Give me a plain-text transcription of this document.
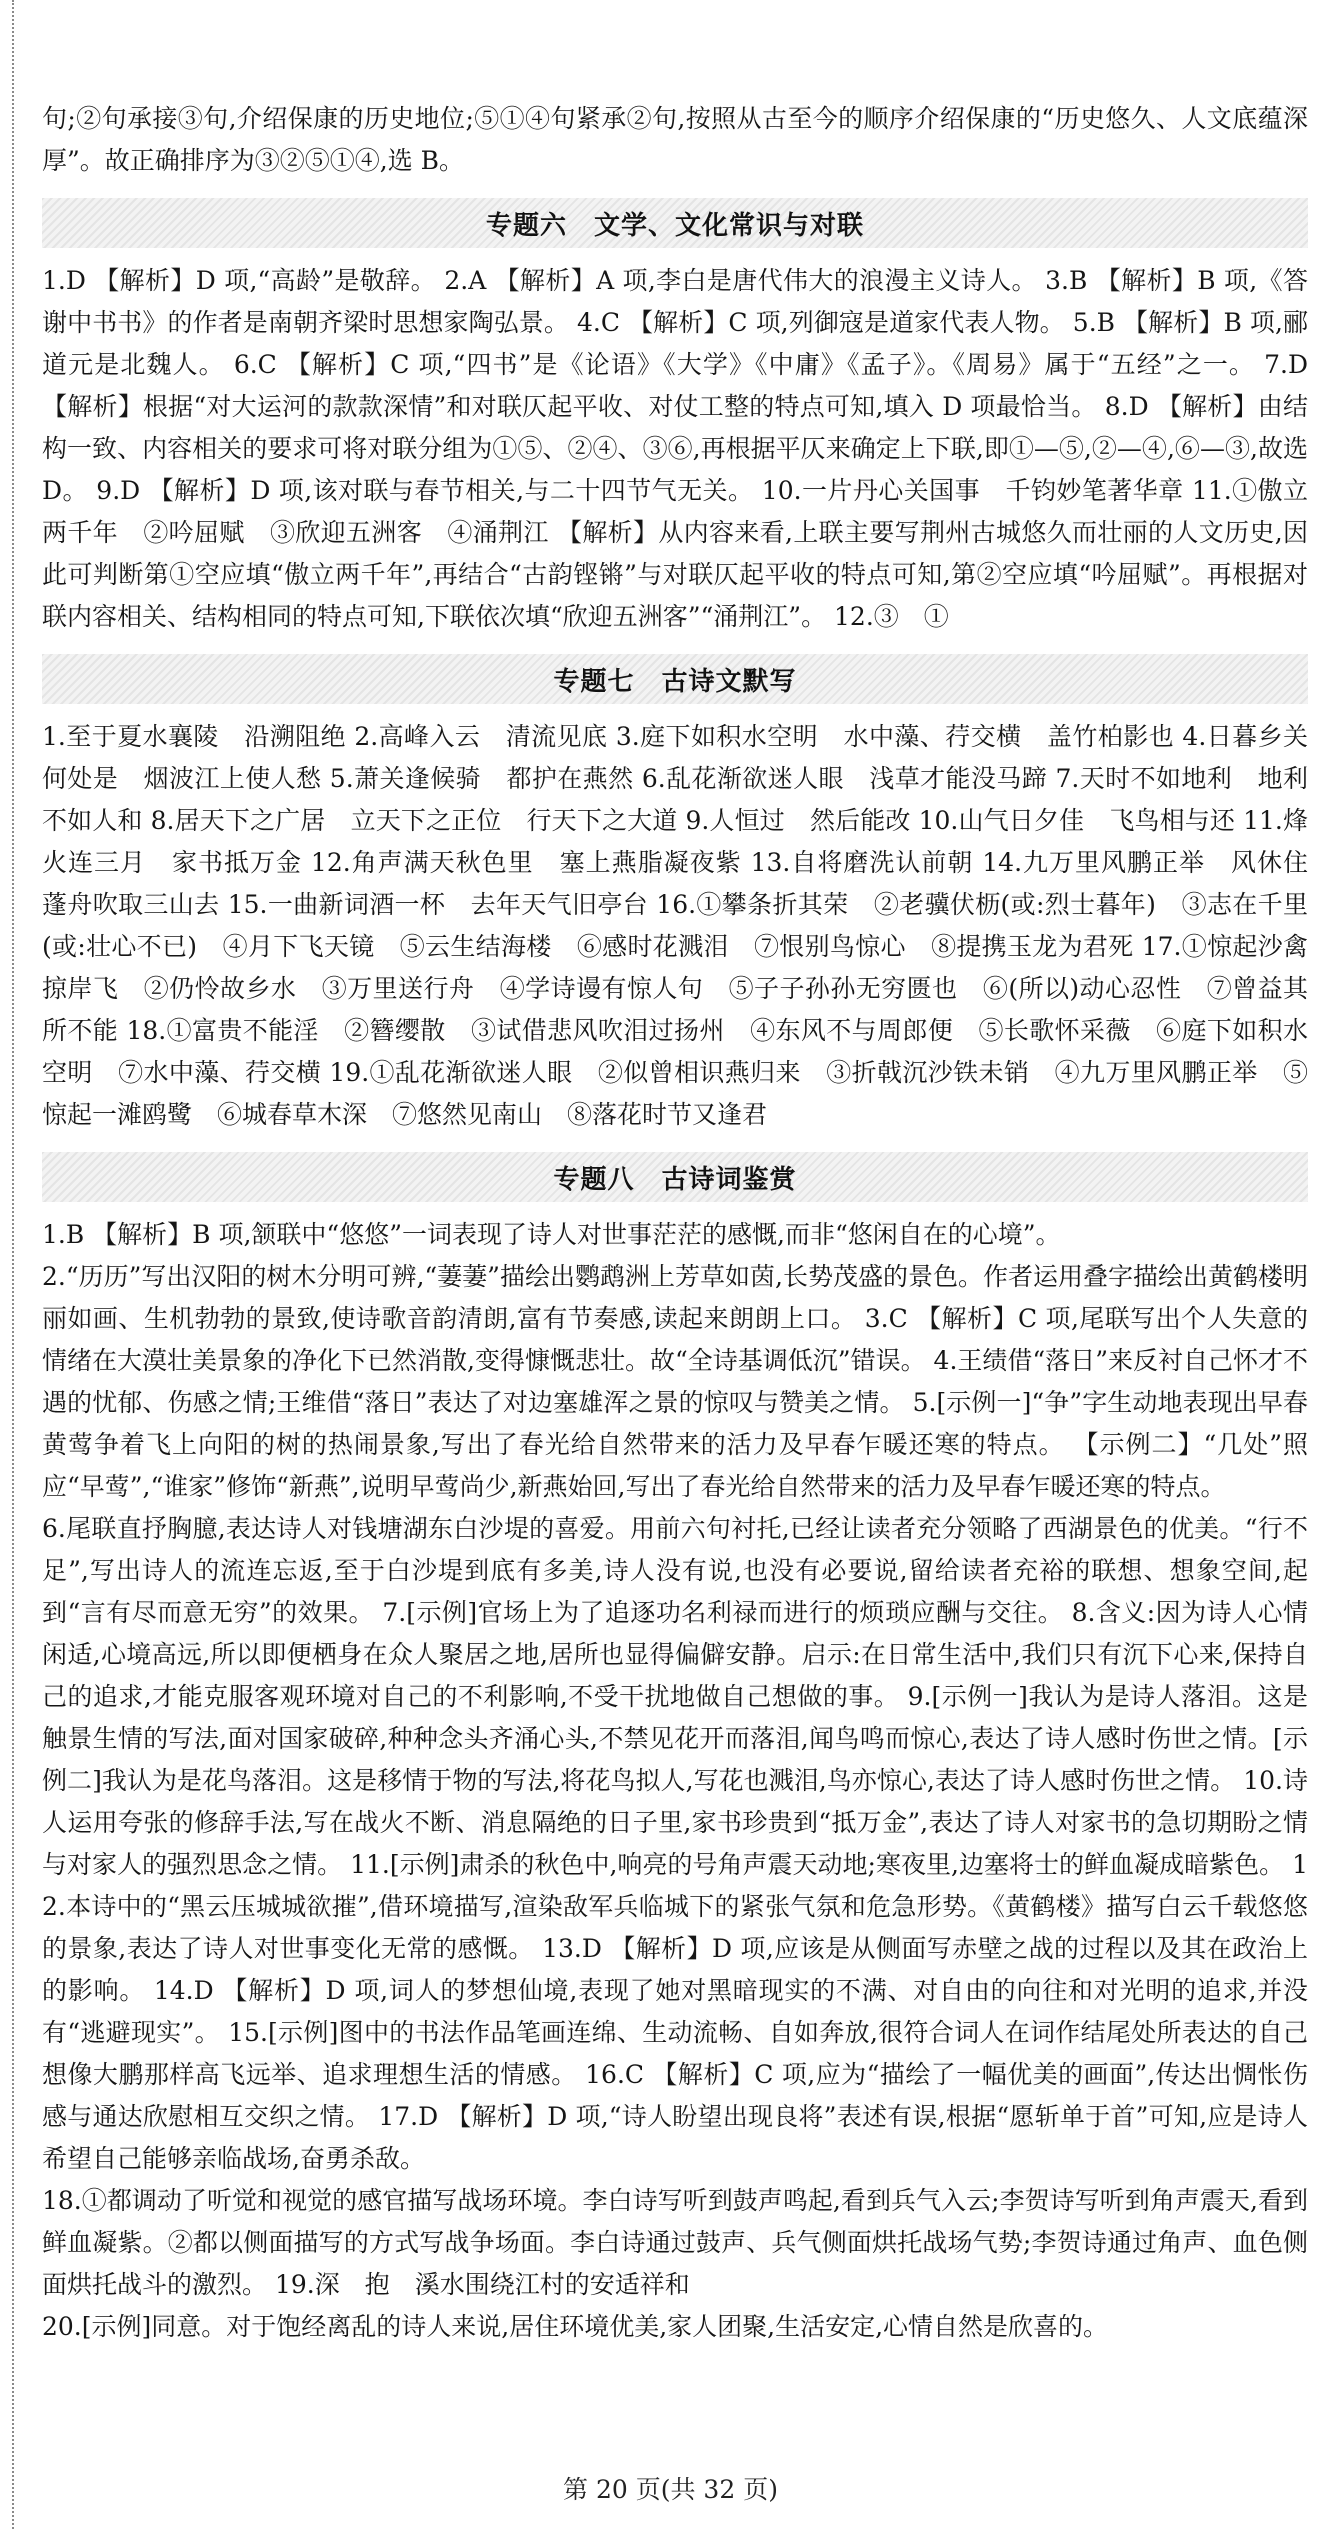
句;②句承接③句,介绍保康的历史地位;⑤①④句紧承②句,按照从古至今的顺序介绍保康的“历史悠久、人文底蕴深厚”。故正确排序为③②⑤①④,选 B。

专题六　文学、文化常识与对联

1.D 【解析】D 项,“高龄”是敬辞。 2.A 【解析】A 项,李白是唐代伟大的浪漫主义诗人。 3.B 【解析】B 项,《答谢中书书》的作者是南朝齐梁时思想家陶弘景。 4.C 【解析】C 项,列御寇是道家代表人物。 5.B 【解析】B 项,郦道元是北魏人。 6.C 【解析】C 项,“四书”是《论语》《大学》《中庸》《孟子》。《周易》属于“五经”之一。 7.D 【解析】根据“对大运河的款款深情”和对联仄起平收、对仗工整的特点可知,填入 D 项最恰当。 8.D 【解析】由结构一致、内容相关的要求可将对联分组为①⑤、②④、③⑥,再根据平仄来确定上下联,即①—⑤,②—④,⑥—③,故选 D。 9.D 【解析】D 项,该对联与春节相关,与二十四节气无关。 10.一片丹心关国事　千钧妙笔著华章 11.①傲立两千年　②吟屈赋　③欣迎五洲客　④涌荆江 【解析】从内容来看,上联主要写荆州古城悠久而壮丽的人文历史,因此可判断第①空应填“傲立两千年”,再结合“古韵铿锵”与对联仄起平收的特点可知,第②空应填“吟屈赋”。再根据对联内容相关、结构相同的特点可知,下联依次填“欣迎五洲客”“涌荆江”。 12.③　①

专题七　古诗文默写

1.至于夏水襄陵　沿溯阻绝 2.高峰入云　清流见底 3.庭下如积水空明　水中藻、荇交横　盖竹柏影也 4.日暮乡关何处是　烟波江上使人愁 5.萧关逢候骑　都护在燕然 6.乱花渐欲迷人眼　浅草才能没马蹄 7.天时不如地利　地利不如人和 8.居天下之广居　立天下之正位　行天下之大道 9.人恒过　然后能改 10.山气日夕佳　飞鸟相与还 11.烽火连三月　家书抵万金 12.角声满天秋色里　塞上燕脂凝夜紫 13.自将磨洗认前朝 14.九万里风鹏正举　风休住　蓬舟吹取三山去 15.一曲新词酒一杯　去年天气旧亭台 16.①攀条折其荣　②老骥伏枥(或:烈士暮年)　③志在千里(或:壮心不已)　④月下飞天镜　⑤云生结海楼　⑥感时花溅泪　⑦恨别鸟惊心　⑧提携玉龙为君死 17.①惊起沙禽掠岸飞　②仍怜故乡水　③万里送行舟　④学诗谩有惊人句　⑤子子孙孙无穷匮也　⑥(所以)动心忍性　⑦曾益其所不能 18.①富贵不能淫　②簪缨散　③试借悲风吹泪过扬州　④东风不与周郎便　⑤长歌怀采薇　⑥庭下如积水空明　⑦水中藻、荇交横 19.①乱花渐欲迷人眼　②似曾相识燕归来　③折戟沉沙铁未销　④九万里风鹏正举　⑤惊起一滩鸥鹭　⑥城春草木深　⑦悠然见南山　⑧落花时节又逢君

专题八　古诗词鉴赏

1.B 【解析】B 项,颔联中“悠悠”一词表现了诗人对世事茫茫的感慨,而非“悠闲自在的心境”。

2.“历历”写出汉阳的树木分明可辨,“萋萋”描绘出鹦鹉洲上芳草如茵,长势茂盛的景色。作者运用叠字描绘出黄鹤楼明丽如画、生机勃勃的景致,使诗歌音韵清朗,富有节奏感,读起来朗朗上口。 3.C 【解析】C 项,尾联写出个人失意的情绪在大漠壮美景象的净化下已然消散,变得慷慨悲壮。故“全诗基调低沉”错误。 4.王绩借“落日”来反衬自己怀才不遇的忧郁、伤感之情;王维借“落日”表达了对边塞雄浑之景的惊叹与赞美之情。 5.[示例一]“争”字生动地表现出早春黄莺争着飞上向阳的树的热闹景象,写出了春光给自然带来的活力及早春乍暖还寒的特点。 【示例二】“几处”照应“早莺”,“谁家”修饰“新燕”,说明早莺尚少,新燕始回,写出了春光给自然带来的活力及早春乍暖还寒的特点。

6.尾联直抒胸臆,表达诗人对钱塘湖东白沙堤的喜爱。用前六句衬托,已经让读者充分领略了西湖景色的优美。“行不足”,写出诗人的流连忘返,至于白沙堤到底有多美,诗人没有说,也没有必要说,留给读者充裕的联想、想象空间,起到“言有尽而意无穷”的效果。 7.[示例]官场上为了追逐功名利禄而进行的烦琐应酬与交往。 8.含义:因为诗人心情闲适,心境高远,所以即便栖身在众人聚居之地,居所也显得偏僻安静。启示:在日常生活中,我们只有沉下心来,保持自己的追求,才能克服客观环境对自己的不利影响,不受干扰地做自己想做的事。 9.[示例一]我认为是诗人落泪。这是触景生情的写法,面对国家破碎,种种念头齐涌心头,不禁见花开而落泪,闻鸟鸣而惊心,表达了诗人感时伤世之情。[示例二]我认为是花鸟落泪。这是移情于物的写法,将花鸟拟人,写花也溅泪,鸟亦惊心,表达了诗人感时伤世之情。 10.诗人运用夸张的修辞手法,写在战火不断、消息隔绝的日子里,家书珍贵到“抵万金”,表达了诗人对家书的急切期盼之情与对家人的强烈思念之情。 11.[示例]肃杀的秋色中,响亮的号角声震天动地;寒夜里,边塞将士的鲜血凝成暗紫色。 12.本诗中的“黑云压城城欲摧”,借环境描写,渲染敌军兵临城下的紧张气氛和危急形势。《黄鹤楼》描写白云千载悠悠的景象,表达了诗人对世事变化无常的感慨。 13.D 【解析】D 项,应该是从侧面写赤壁之战的过程以及其在政治上的影响。 14.D 【解析】D 项,词人的梦想仙境,表现了她对黑暗现实的不满、对自由的向往和对光明的追求,并没有“逃避现实”。 15.[示例]图中的书法作品笔画连绵、生动流畅、自如奔放,很符合词人在词作结尾处所表达的自己想像大鹏那样高飞远举、追求理想生活的情感。 16.C 【解析】C 项,应为“描绘了一幅优美的画面”,传达出惆怅伤感与通达欣慰相互交织之情。 17.D 【解析】D 项,“诗人盼望出现良将”表述有误,根据“愿斩单于首”可知,应是诗人希望自己能够亲临战场,奋勇杀敌。

18.①都调动了听觉和视觉的感官描写战场环境。李白诗写听到鼓声鸣起,看到兵气入云;李贺诗写听到角声震天,看到鲜血凝紫。②都以侧面描写的方式写战争场面。李白诗通过鼓声、兵气侧面烘托战场气势;李贺诗通过角声、血色侧面烘托战斗的激烈。 19.深　抱　溪水围绕江村的安适祥和

20.[示例]同意。对于饱经离乱的诗人来说,居住环境优美,家人团聚,生活安定,心情自然是欣喜的。

第 20 页(共 32 页)
